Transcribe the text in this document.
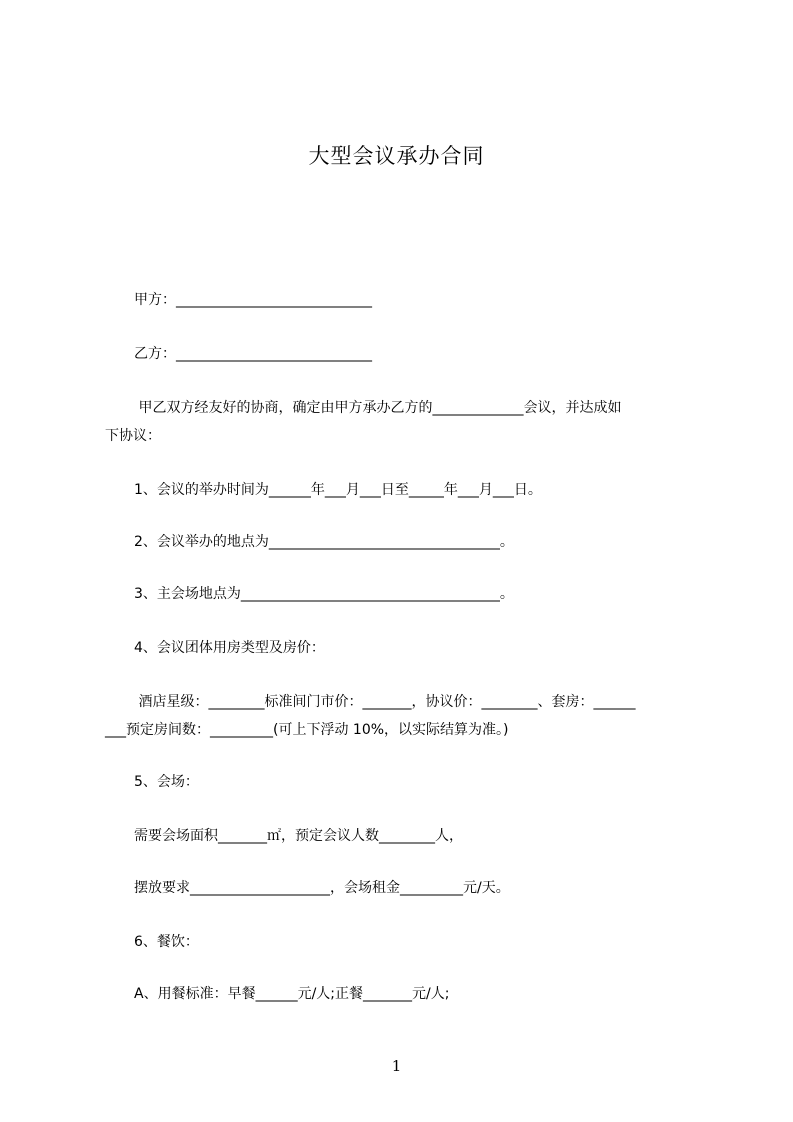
大型会议承办合同
甲方：____________________________
乙方：____________________________
甲乙双方经友好的协商，确定由甲方承办乙方的_____________会议，并达成如
下协议：
1、会议的举办时间为______年___月___日至_____年___月___日。
2、会议举办的地点为_________________________________。
3、主会场地点为_____________________________________。
4、会议团体用房类型及房价：
酒店星级：________标准间门市价：_______，协议价：________、套房：______
___预定房间数：_________(可上下浮动 10%，以实际结算为准。)
5、会场：
需要会场面积_______㎡，预定会议人数________人，
摆放要求____________________，会场租金_________元/天。
6、餐饮：
A、用餐标准：早餐______元/人;正餐_______元/人;
1
